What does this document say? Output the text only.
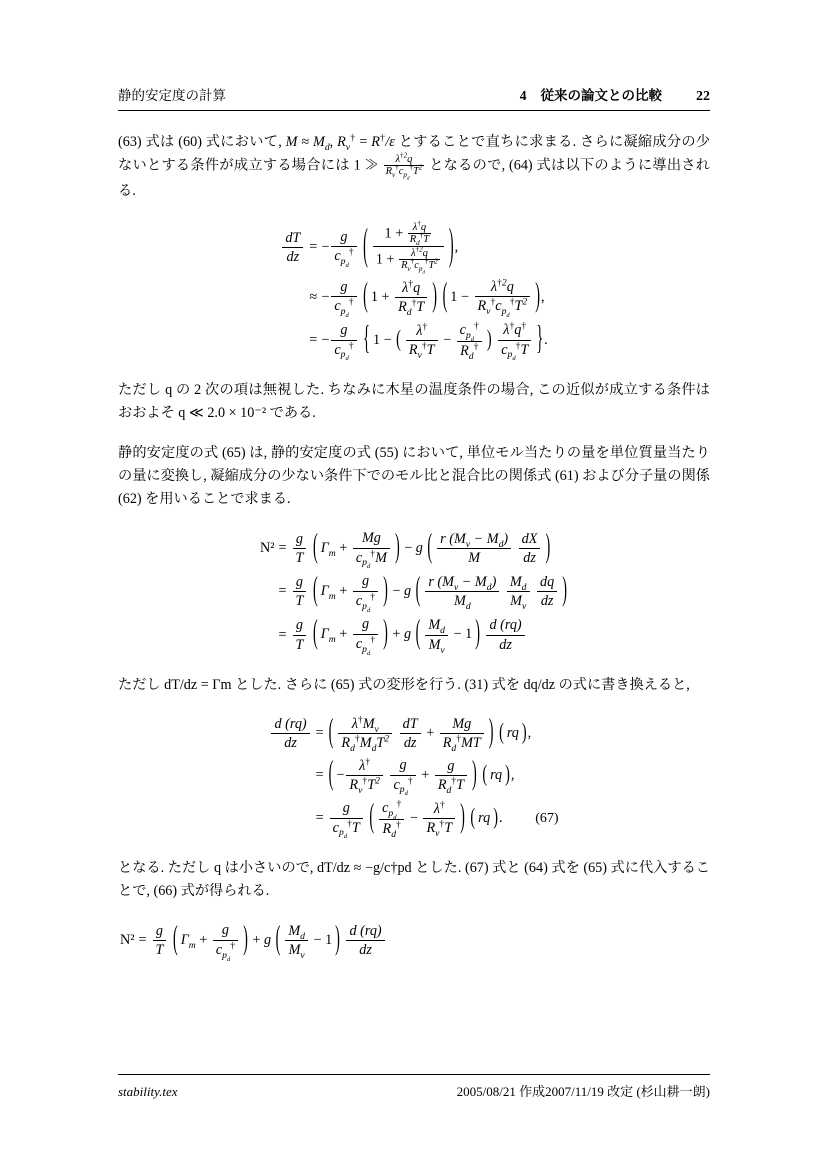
静的安定度の計算	4 従来の論文との比較	22

(63) 式は (60) 式において, $M \approx M_d$, $R_v^\dagger = R^\dagger/\varepsilon$ とすることで直ちに求まる. さらに凝縮成分の少ないとする条件が成立する場合には 1 ≫ $\frac{\lambda^{\dagger 2}q}{R_v^\dagger c_{p_d}^\dagger T^2}$ となるので, (64) 式は以下のように導出される.

$\frac{dT}{dz}$	=	− $\frac{g}{c_{p_d}^\dagger}$ ( $\frac{1 + \frac{\lambda^\dagger q}{R_d^\dagger T}}{1 + \frac{\lambda^{\dagger 2}q}{R_v^\dagger c_{p_d}^\dagger T^2}}$ ),
	≈	− $\frac{g}{c_{p_d}^\dagger}$ ( $1 + \frac{\lambda^\dagger q}{R_d^\dagger T}$ ) ( $1 - \frac{\lambda^{\dagger 2}q}{R_v^\dagger c_{p_d}^\dagger T^2}$ ),
	=	− $\frac{g}{c_{p_d}^\dagger}$ { 1 − ( $\frac{\lambda^\dagger}{R_v^\dagger T} - \frac{c_{p_d}^\dagger}{R_d^\dagger}$ ) $\frac{\lambda^\dagger q^\dagger}{c_{p_d}^\dagger T}$ }.

ただし q の 2 次の項は無視した. ちなみに木星の温度条件の場合, この近似が成立する条件はおおよそ q ≪ 2.0 × 10⁻² である.

静的安定度の式 (65) は, 静的安定度の式 (55) において, 単位モル当たりの量を単位質量当たりの量に変換し, 凝縮成分の少ない条件下でのモル比と混合比の関係式 (61) および分子量の関係(62) を用いることで求まる.

N²	=	$\frac{g}{T}$ ( $\Gamma_m + \frac{Mg}{c_{p_d}^\dagger M}$ ) − g ( $\frac{r (M_v - M_d)}{M}$
$\frac{dX}{dz}$ )
	=	$\frac{g}{T}$ ( $\Gamma_m + \frac{g}{c_{p_d}^\dagger}$ ) − g ( $\frac{r (M_v - M_d)}{M_d}$
$\frac{M_d}{M_v}$
$\frac{dq}{dz}$ )
	=	$\frac{g}{T}$ ( $\Gamma_m + \frac{g}{c_{p_d}^\dagger}$ ) + g ( $\frac{M_d}{M_v} - 1) \frac{d (rq)}{dz}$

ただし dT/dz = Γm とした. さらに (65) 式の変形を行う. (31) 式を dq/dz の式に書き換えると,

$\frac{d (rq)}{dz}$	=	( $\frac{\lambda^\dagger M_v}{R_d^\dagger M_dT^2}$
$\frac{dT}{dz} + \frac{Mg}{R_d^\dagger MT}$ ) ( rq ),	
	=	(− $\frac{\lambda^\dagger}{R_v^\dagger T^2}$
$\frac{g}{c_{p_d}^\dagger} + \frac{g}{R_d^\dagger T}$ ) ( rq ),	
	=	$\frac{g}{c_{p_d}^\dagger T}$ ( $\frac{c_{p_d}^\dagger}{R_d^\dagger} - \frac{\lambda^\dagger}{R_v^\dagger T}$ ) ( rq ).	(67)

となる. ただし q は小さいので, dT/dz ≈ −g/c†pd とした. (67) 式と (64) 式を (65) 式に代入することで, (66) 式が得られる.

N²	=	$\frac{g}{T}$ ( $\Gamma_m + \frac{g}{c_{p_d}^\dagger}$ ) + g ( $\frac{M_d}{M_v} - 1) \frac{d (rq)}{dz}$
stability.tex	2005/08/21 作成2007/11/19 改定 (杉山耕一朗)
